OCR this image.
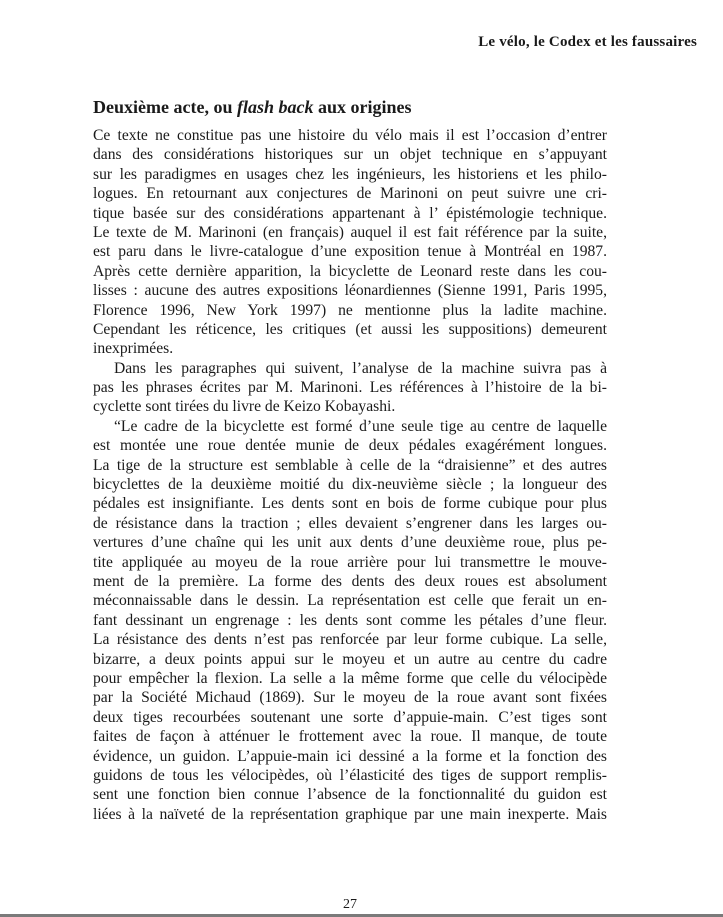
Le vélo, le Codex et les faussaires
Deuxième acte, ou flash back aux origines
Ce texte ne constitue pas une histoire du vélo mais il est l’occasion d’entrer
dans des considérations historiques sur un objet technique en s’appuyant
sur les paradigmes en usages chez les ingénieurs, les historiens et les philo-
logues. En retournant aux conjectures de Marinoni on peut suivre une cri-
tique basée sur des considérations appartenant à l’ épistémologie technique.
Le texte de M. Marinoni (en français) auquel il est fait référence par la suite,
est paru dans le livre-catalogue d’une exposition tenue à Montréal en 1987.
Après cette dernière apparition, la bicyclette de Leonard reste dans les cou-
lisses : aucune des autres expositions léonardiennes (Sienne 1991, Paris 1995,
Florence 1996, New York 1997) ne mentionne plus la ladite machine.
Cependant les réticence, les critiques (et aussi les suppositions) demeurent
inexprimées.
Dans les paragraphes qui suivent, l’analyse de la machine suivra pas à
pas les phrases écrites par M. Marinoni. Les références à l’histoire de la bi-
cyclette sont tirées du livre de Keizo Kobayashi.
“Le cadre de la bicyclette est formé d’une seule tige au centre de laquelle
est montée une roue dentée munie de deux pédales exagérément longues.
La tige de la structure est semblable à celle de la “draisienne” et des autres
bicyclettes de la deuxième moitié du dix-neuvième siècle ; la longueur des
pédales est insignifiante. Les dents sont en bois de forme cubique pour plus
de résistance dans la traction ; elles devaient s’engrener dans les larges ou-
vertures d’une chaîne qui les unit aux dents d’une deuxième roue, plus pe-
tite appliquée au moyeu de la roue arrière pour lui transmettre le mouve-
ment de la première. La forme des dents des deux roues est absolument
méconnaissable dans le dessin. La représentation est celle que ferait un en-
fant dessinant un engrenage : les dents sont comme les pétales d’une fleur.
La résistance des dents n’est pas renforcée par leur forme cubique. La selle,
bizarre, a deux points appui sur le moyeu et un autre au centre du cadre
pour empêcher la flexion. La selle a la même forme que celle du vélocipède
par la Société Michaud (1869). Sur le moyeu de la roue avant sont fixées
deux tiges recourbées soutenant une sorte d’appuie-main. C’est tiges sont
faites de façon à atténuer le frottement avec la roue. Il manque, de toute
évidence, un guidon. L’appuie-main ici dessiné a la forme et la fonction des
guidons de tous les vélocipèdes, où l’élasticité des tiges de support remplis-
sent une fonction bien connue l’absence de la fonctionnalité du guidon est
liées à la naïveté de la représentation graphique par une main inexperte. Mais
27
